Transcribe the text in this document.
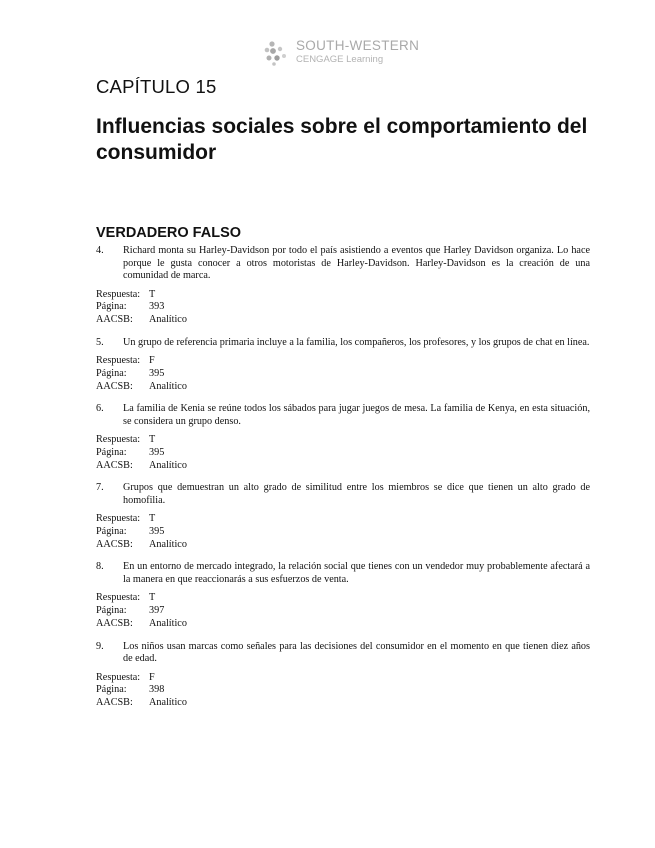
SOUTH-WESTERN
CENGAGE Learning
CAPÍTULO 15
Influencias sociales sobre el comportamiento del consumidor
VERDADERO FALSO
4.	Richard monta su Harley-Davidson por todo el país asistiendo a eventos que Harley Davidson organiza. Lo hace porque le gusta conocer a otros motoristas de Harley-Davidson. Harley-Davidson es la creación de una comunidad de marca.
Respuesta: T
Página:	393
AACSB:	Analítico
5.	Un grupo de referencia primaria incluye a la familia, los compañeros, los profesores, y los grupos de chat en línea.
Respuesta: F
Página:	395
AACSB:	Analítico
6.	La familia de Kenia se reúne todos los sábados para jugar juegos de mesa. La familia de Kenya, en esta situación, se considera un grupo denso.
Respuesta: T
Página:	395
AACSB:	Analítico
7.	Grupos que demuestran un alto grado de similitud entre los miembros se dice que tienen un alto grado de homofilia.
Respuesta: T
Página:	395
AACSB:	Analítico
8.	En un entorno de mercado integrado, la relación social que tienes con un vendedor muy probablemente afectará a la manera en que reaccionarás a sus esfuerzos de venta.
Respuesta: T
Página:	397
AACSB:	Analítico
9.	Los niños usan marcas como señales para las decisiones del consumidor en el momento en que tienen diez años de edad.
Respuesta: F
Página:	398
AACSB:	Analítico
